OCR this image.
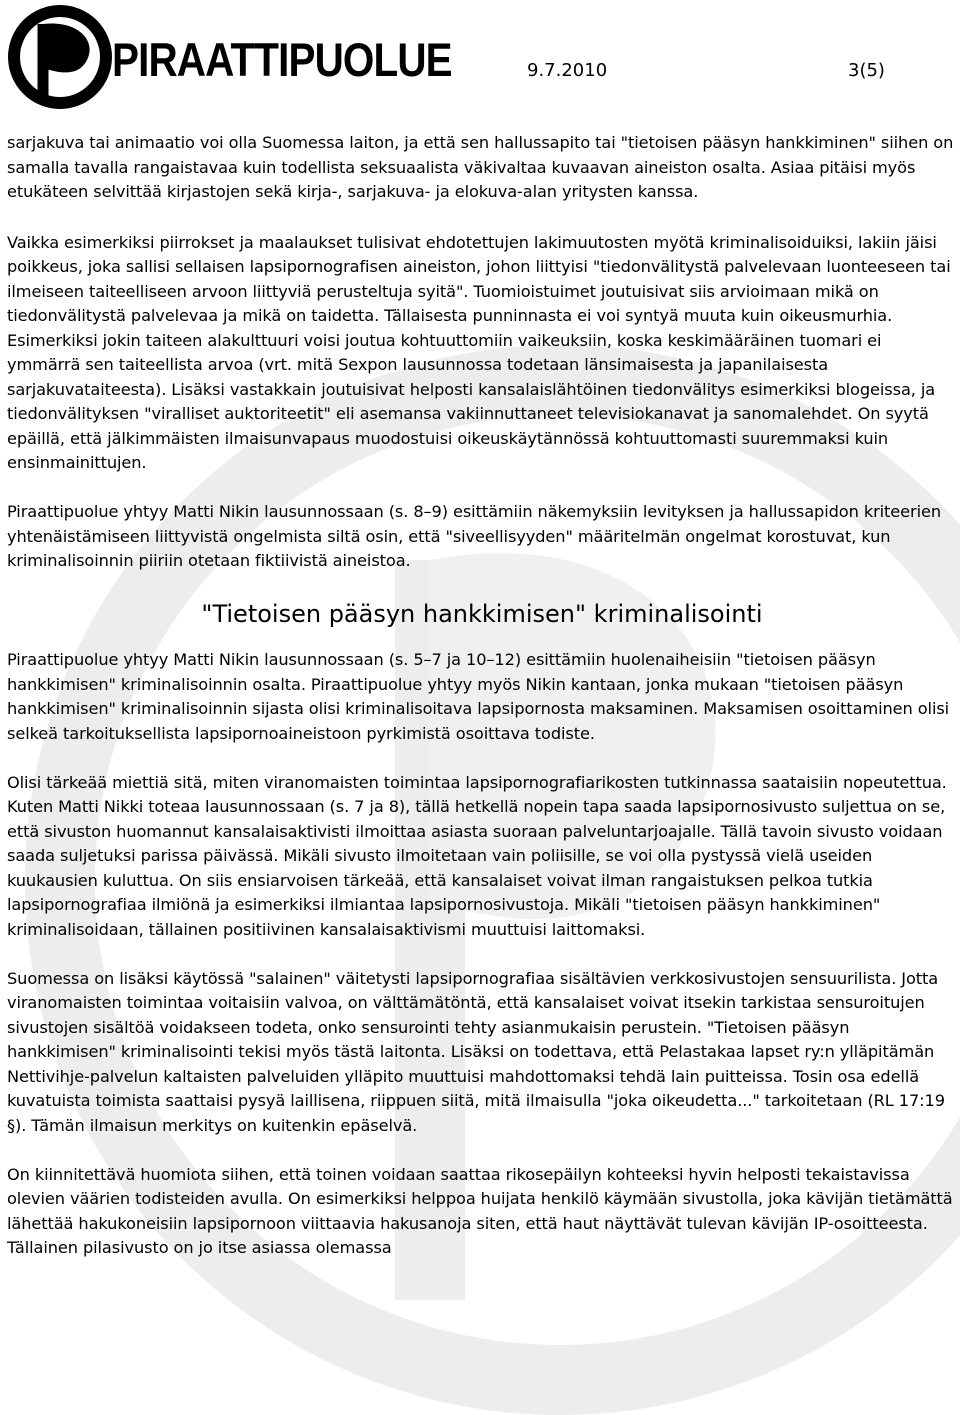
PIRAATTIPUOLUE	9.7.2010	3(5)

sarjakuva tai animaatio voi olla Suomessa laiton, ja että sen hallussapito tai "tietoisen pääsyn hankkiminen" siihen on samalla tavalla rangaistavaa kuin todellista seksuaalista väkivaltaa kuvaavan aineiston osalta. Asiaa pitäisi myös etukäteen selvittää kirjastojen sekä kirja-, sarjakuva- ja elokuva-alan yritysten kanssa.

Vaikka esimerkiksi piirrokset ja maalaukset tulisivat ehdotettujen lakimuutosten myötä kriminalisoiduiksi, lakiin jäisi poikkeus, joka sallisi sellaisen lapsipornografisen aineiston, johon liittyisi "tiedonvälitystä palvelevaan luonteeseen tai ilmeiseen taiteelliseen arvoon liittyviä perusteltuja syitä". Tuomioistuimet joutuisivat siis arvioimaan mikä on tiedonvälitystä palvelevaa ja mikä on taidetta. Tällaisesta punninnasta ei voi syntyä muuta kuin oikeusmurhia. Esimerkiksi jokin taiteen alakulttuuri voisi joutua kohtuuttomiin vaikeuksiin, koska keskimääräinen tuomari ei ymmärrä sen taiteellista arvoa (vrt. mitä Sexpon lausunnossa todetaan länsimaisesta ja japanilaisesta sarjakuvataiteesta). Lisäksi vastakkain joutuisivat helposti kansalaislähtöinen tiedonvälitys esimerkiksi blogeissa, ja tiedonvälityksen "viralliset auktoriteetit" eli asemansa vakiinnuttaneet televisiokanavat ja sanomalehdet. On syytä epäillä, että jälkimmäisten ilmaisunvapaus muodostuisi oikeuskäytännössä kohtuuttomasti suuremmaksi kuin ensinmainittujen.

Piraattipuolue yhtyy Matti Nikin lausunnossaan (s. 8–9) esittämiin näkemyksiin levityksen ja hallussapidon kriteerien yhtenäistämiseen liittyvistä ongelmista siltä osin, että "siveellisyyden" määritelmän ongelmat korostuvat, kun kriminalisoinnin piiriin otetaan fiktiivistä aineistoa.

"Tietoisen pääsyn hankkimisen" kriminalisointi

Piraattipuolue yhtyy Matti Nikin lausunnossaan (s. 5–7 ja 10–12) esittämiin huolenaiheisiin "tietoisen pääsyn hankkimisen" kriminalisoinnin osalta. Piraattipuolue yhtyy myös Nikin kantaan, jonka mukaan "tietoisen pääsyn hankkimisen" kriminalisoinnin sijasta olisi kriminalisoitava lapsipornosta maksaminen. Maksamisen osoittaminen olisi selkeä tarkoituksellista lapsipornoaineistoon pyrkimistä osoittava todiste.

Olisi tärkeää miettiä sitä, miten viranomaisten toimintaa lapsipornografiarikosten tutkinnassa saataisiin nopeutettua. Kuten Matti Nikki toteaa lausunnossaan (s. 7 ja 8), tällä hetkellä nopein tapa saada lapsipornosivusto suljettua on se, että sivuston huomannut kansalaisaktivisti ilmoittaa asiasta suoraan palveluntarjoajalle. Tällä tavoin sivusto voidaan saada suljetuksi parissa päivässä. Mikäli sivusto ilmoitetaan vain poliisille, se voi olla pystyssä vielä useiden kuukausien kuluttua. On siis ensiarvoisen tärkeää, että kansalaiset voivat ilman rangaistuksen pelkoa tutkia lapsipornografiaa ilmiönä ja esimerkiksi ilmiantaa lapsipornosivustoja. Mikäli "tietoisen pääsyn hankkiminen" kriminalisoidaan, tällainen positiivinen kansalaisaktivismi muuttuisi laittomaksi.

Suomessa on lisäksi käytössä "salainen" väitetysti lapsipornografiaa sisältävien verkkosivustojen sensuurilista. Jotta viranomaisten toimintaa voitaisiin valvoa, on välttämätöntä, että kansalaiset voivat itsekin tarkistaa sensuroitujen sivustojen sisältöä voidakseen todeta, onko sensurointi tehty asianmukaisin perustein. "Tietoisen pääsyn hankkimisen" kriminalisointi tekisi myös tästä laitonta. Lisäksi on todettava, että Pelastakaa lapset ry:n ylläpitämän Nettivihje-palvelun kaltaisten palveluiden ylläpito muuttuisi mahdottomaksi tehdä lain puitteissa. Tosin osa edellä kuvatuista toimista saattaisi pysyä laillisena, riippuen siitä, mitä ilmaisulla "joka oikeudetta..." tarkoitetaan (RL 17:19 §). Tämän ilmaisun merkitys on kuitenkin epäselvä.

On kiinnitettävä huomiota siihen, että toinen voidaan saattaa rikosepäilyn kohteeksi hyvin helposti tekaistavissa olevien väärien todisteiden avulla. On esimerkiksi helppoa huijata henkilö käymään sivustolla, joka kävijän tietämättä lähettää hakukoneisiin lapsipornoon viittaavia hakusanoja siten, että haut näyttävät tulevan kävijän IP-osoitteesta. Tällainen pilasivusto on jo itse asiassa olemassa
